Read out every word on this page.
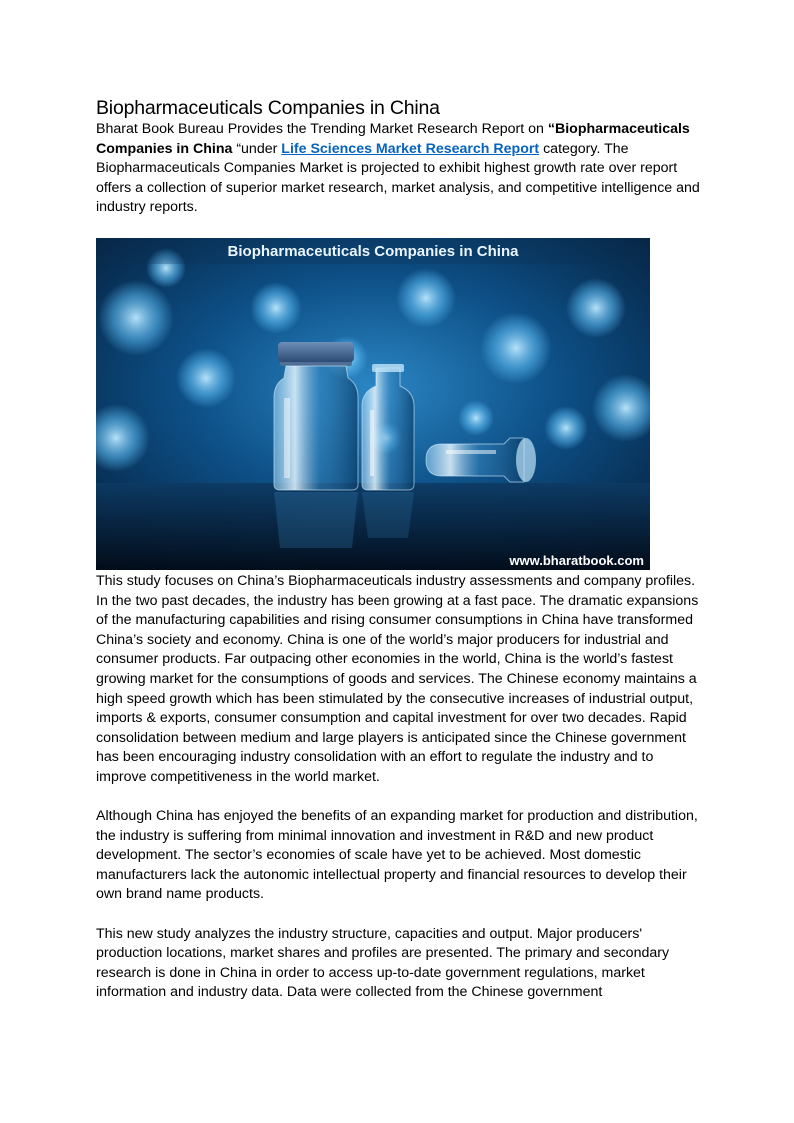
Biopharmaceuticals Companies in China

Bharat Book Bureau Provides the Trending Market Research Report on “Biopharmaceuticals Companies in China “under Life Sciences Market Research Report category. The Biopharmaceuticals Companies Market is projected to exhibit highest growth rate over report offers a collection of superior market research, market analysis, and competitive intelligence and industry reports.

Biopharmaceuticals Companies in China
www.bharatbook.com

This study focuses on China’s Biopharmaceuticals industry assessments and company profiles. In the two past decades, the industry has been growing at a fast pace. The dramatic expansions of the manufacturing capabilities and rising consumer consumptions in China have transformed China’s society and economy. China is one of the world’s major producers for industrial and consumer products. Far outpacing other economies in the world, China is the world’s fastest growing market for the consumptions of goods and services. The Chinese economy maintains a high speed growth which has been stimulated by the consecutive increases of industrial output, imports & exports, consumer consumption and capital investment for over two decades. Rapid consolidation between medium and large players is anticipated since the Chinese government has been encouraging industry consolidation with an effort to regulate the industry and to improve competitiveness in the world market.

Although China has enjoyed the benefits of an expanding market for production and distribution, the industry is suffering from minimal innovation and investment in R&D and new product development. The sector’s economies of scale have yet to be achieved. Most domestic manufacturers lack the autonomic intellectual property and financial resources to develop their own brand name products.

This new study analyzes the industry structure, capacities and output. Major producers' production locations, market shares and profiles are presented. The primary and secondary research is done in China in order to access up-to-date government regulations, market information and industry data. Data were collected from the Chinese government
